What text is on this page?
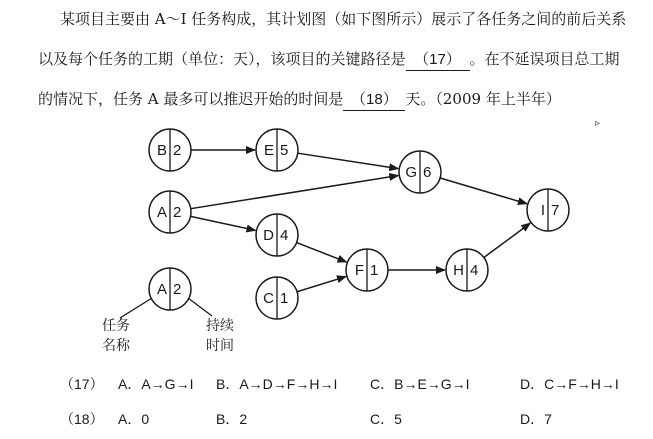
某项目主要由 A～I 任务构成，其计划图（如下图所示）展示了各任务之间的前后关系
以及每个任务的工期（单位：天），该项目的关键路径是 （17） 。在不延误项目总工期
的情况下，任务 A 最多可以推迟开始的时间是 （18） 天。（2009 年上半年）
▹
B 2	E 5
A 2
D 4
C 1
G 6
F 1	H 4
I 7
A 2
任务
名称
持续
时间
（17） A．A→G→I B．A→D→F→H→I C．B→E→G→I	D．C→F→H→I
（18） A．0	B．2	C．5	D．7
